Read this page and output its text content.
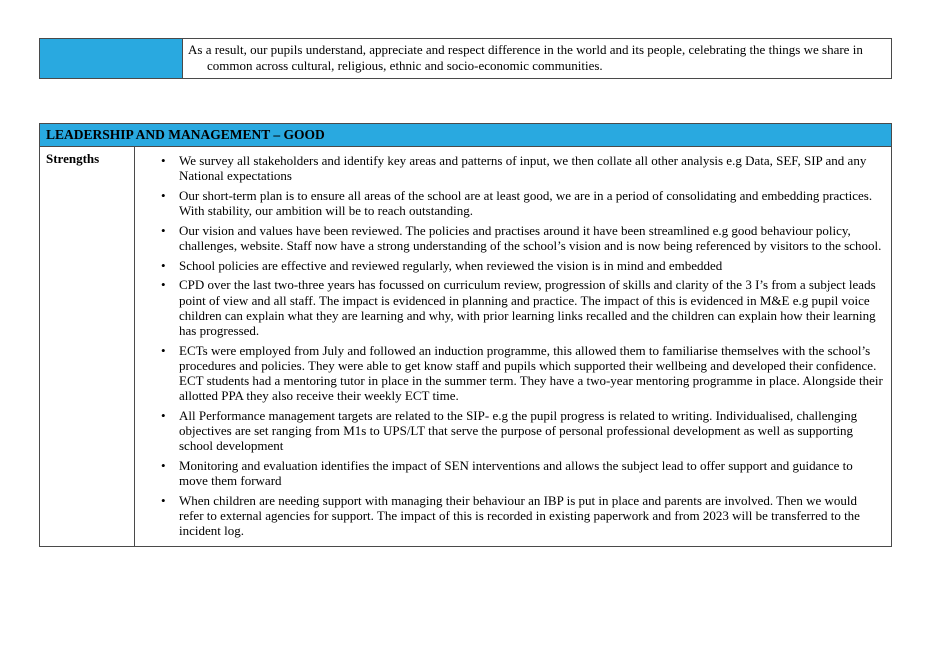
As a result, our pupils understand, appreciate and respect difference in the world and its people, celebrating the things we share in common across cultural, religious, ethnic and socio-economic communities.
LEADERSHIP AND MANAGEMENT – GOOD
Strengths	• We survey all stakeholders and identify key areas and patterns of input, we then collate all other analysis e.g Data, SEF, SIP and any National expectations
• Our short-term plan is to ensure all areas of the school are at least good, we are in a period of consolidating and embedding practices. With stability, our ambition will be to reach outstanding.
• Our vision and values have been reviewed. The policies and practises around it have been streamlined e.g good behaviour policy, challenges, website. Staff now have a strong understanding of the school’s vision and is now being referenced by visitors to the school.
• School policies are effective and reviewed regularly, when reviewed the vision is in mind and embedded
• CPD over the last two-three years has focussed on curriculum review, progression of skills and clarity of the 3 I’s from a subject leads point of view and all staff. The impact is evidenced in planning and practice. The impact of this is evidenced in M&E e.g pupil voice children can explain what they are learning and why, with prior learning links recalled and the children can explain how their learning has progressed.
• ECTs were employed from July and followed an induction programme, this allowed them to familiarise themselves with the school’s procedures and policies. They were able to get know staff and pupils which supported their wellbeing and developed their confidence. ECT students had a mentoring tutor in place in the summer term. They have a two-year mentoring programme in place. Alongside their allotted PPA they also receive their weekly ECT time.
• All Performance management targets are related to the SIP- e.g the pupil progress is related to writing. Individualised, challenging objectives are set ranging from M1s to UPS/LT that serve the purpose of personal professional development as well as supporting school development
• Monitoring and evaluation identifies the impact of SEN interventions and allows the subject lead to offer support and guidance to move them forward
• When children are needing support with managing their behaviour an IBP is put in place and parents are involved. Then we would refer to external agencies for support. The impact of this is recorded in existing paperwork and from 2023 will be transferred to the incident log.
